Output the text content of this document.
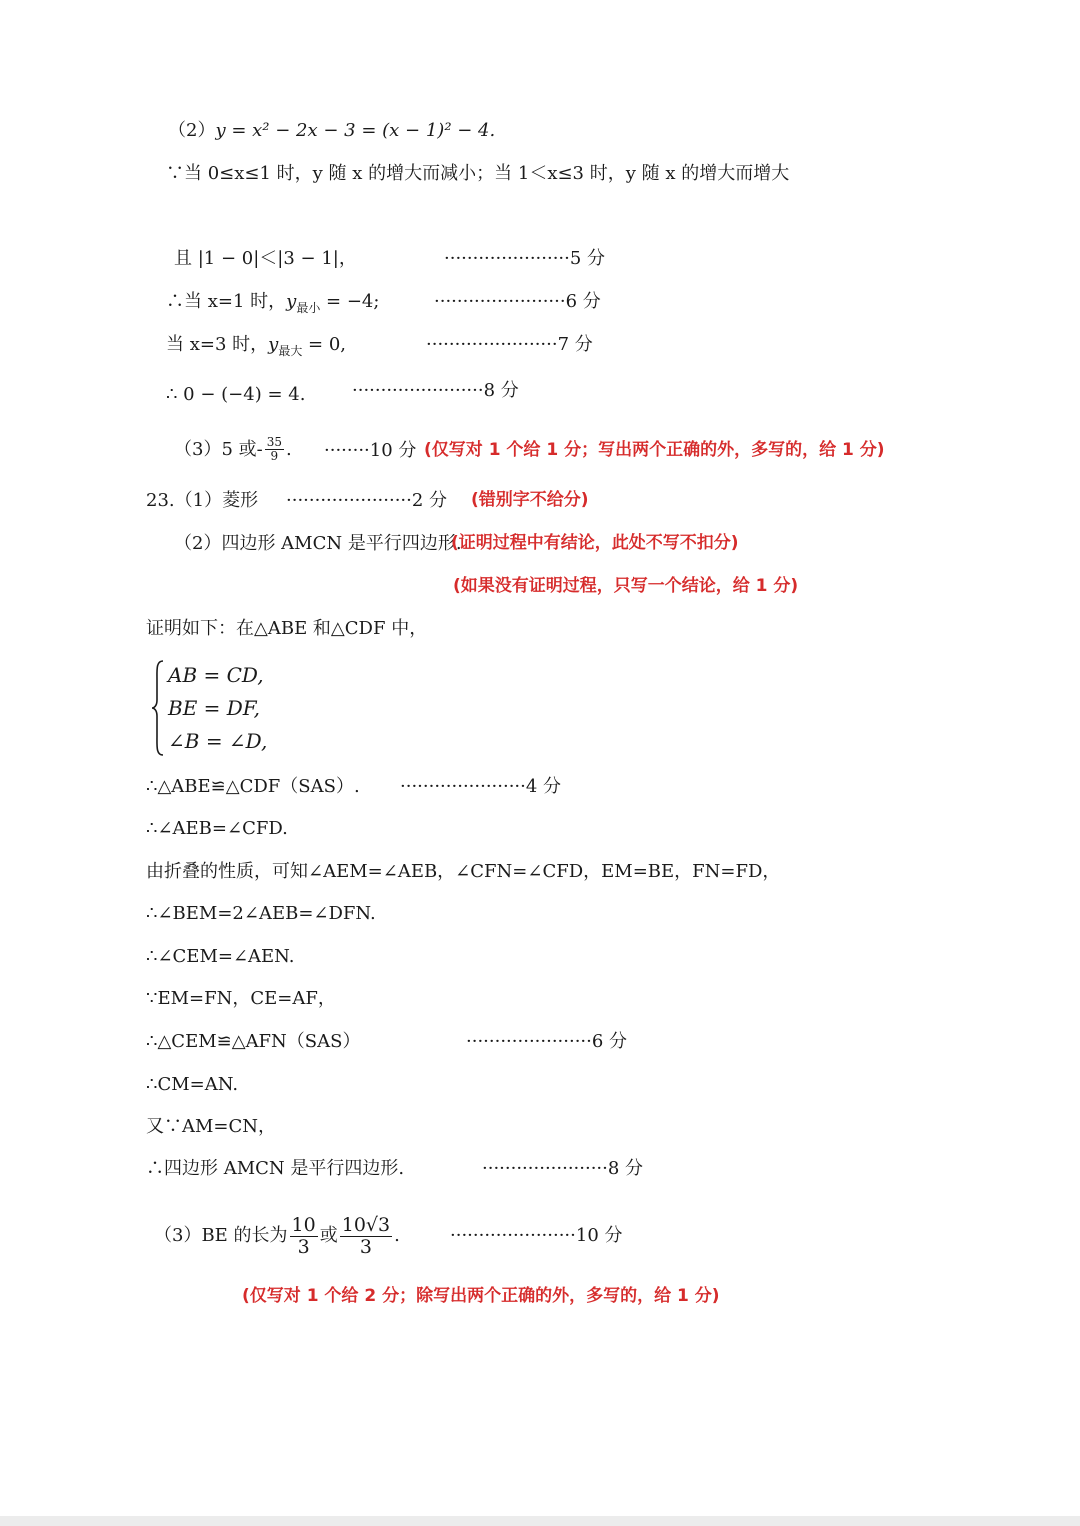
（2）y = x² − 2x − 3 = (x − 1)² − 4.
∵当 0≤x≤1 时，y 随 x 的增大而减小；当 1＜x≤3 时，y 随 x 的增大而增大
且 |1 − 0|＜|3 − 1|，	······················5 分
∴当 x=1 时，$y_{最小} = -4$;	·······················6 分
当 x=3 时，$y_{最大} = 0$,	·······················7 分
∴ 0 − (−4) = 4.	·······················8 分
（3）5 或- $\frac{35}{9}$ . ········10 分 (仅写对 1 个给 1 分；写出两个正确的外，多写的，给 1 分)
23.（1）菱形 ······················2 分 (错别字不给分)
（2）四边形 AMCN 是平行四边形.
(证明过程中有结论，此处不写不扣分)
(如果没有证明过程，只写一个结论，给 1 分)
证明如下：在△ABE 和△CDF 中，
AB = CD,
BE = DF,
∠B = ∠D,
∴△ABE≌△CDF（SAS）. ······················4 分
∴∠AEB=∠CFD.
由折叠的性质，可知∠AEM=∠AEB，∠CFN=∠CFD，EM=BE，FN=FD，
∴∠BEM=2∠AEB=∠DFN.
∴∠CEM=∠AEN.
∵EM=FN，CE=AF，
∴△CEM≌△AFN（SAS）	······················6 分
∴CM=AN.
又∵AM=CN，
∴四边形 AMCN 是平行四边形.	······················8 分
（3）BE 的长为 $\frac{10}{3}$ 或 $\frac{10√3}{3}$ .	······················10 分
(仅写对 1 个给 2 分；除写出两个正确的外，多写的，给 1 分)
